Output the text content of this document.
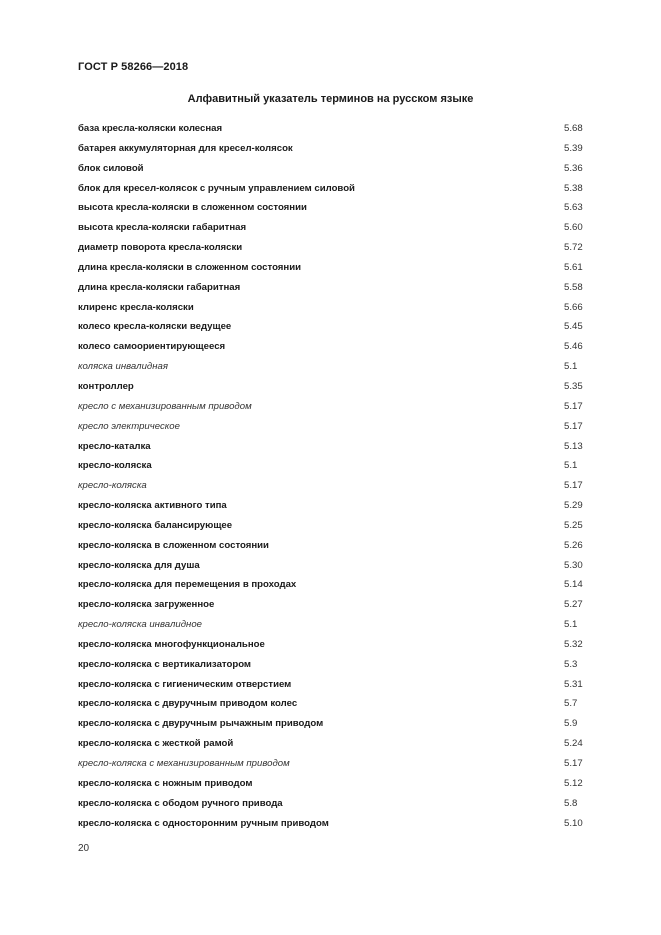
ГОСТ Р 58266—2018
Алфавитный указатель терминов на русском языке
база кресла-коляски колесная	5.68
батарея аккумуляторная для кресел-колясок	5.39
блок силовой	5.36
блок для кресел-колясок с ручным управлением силовой	5.38
высота кресла-коляски в сложенном состоянии	5.63
высота кресла-коляски габаритная	5.60
диаметр поворота кресла-коляски	5.72
длина кресла-коляски в сложенном состоянии	5.61
длина кресла-коляски габаритная	5.58
клиренс кресла-коляски	5.66
колесо кресла-коляски ведущее	5.45
колесо самоориентирующееся	5.46
коляска инвалидная	5.1
контроллер	5.35
кресло с механизированным приводом	5.17
кресло электрическое	5.17
кресло-каталка	5.13
кресло-коляска	5.1
кресло-коляска	5.17
кресло-коляска активного типа	5.29
кресло-коляска балансирующее	5.25
кресло-коляска в сложенном состоянии	5.26
кресло-коляска для душа	5.30
кресло-коляска для перемещения в проходах	5.14
кресло-коляска загруженное	5.27
кресло-коляска инвалидное	5.1
кресло-коляска многофункциональное	5.32
кресло-коляска с вертикализатором	5.3
кресло-коляска с гигиеническим отверстием	5.31
кресло-коляска с двуручным приводом колес	5.7
кресло-коляска с двуручным рычажным приводом	5.9
кресло-коляска с жесткой рамой	5.24
кресло-коляска с механизированным приводом	5.17
кресло-коляска с ножным приводом	5.12
кресло-коляска с ободом ручного привода	5.8
кресло-коляска с односторонним ручным приводом	5.10
20
